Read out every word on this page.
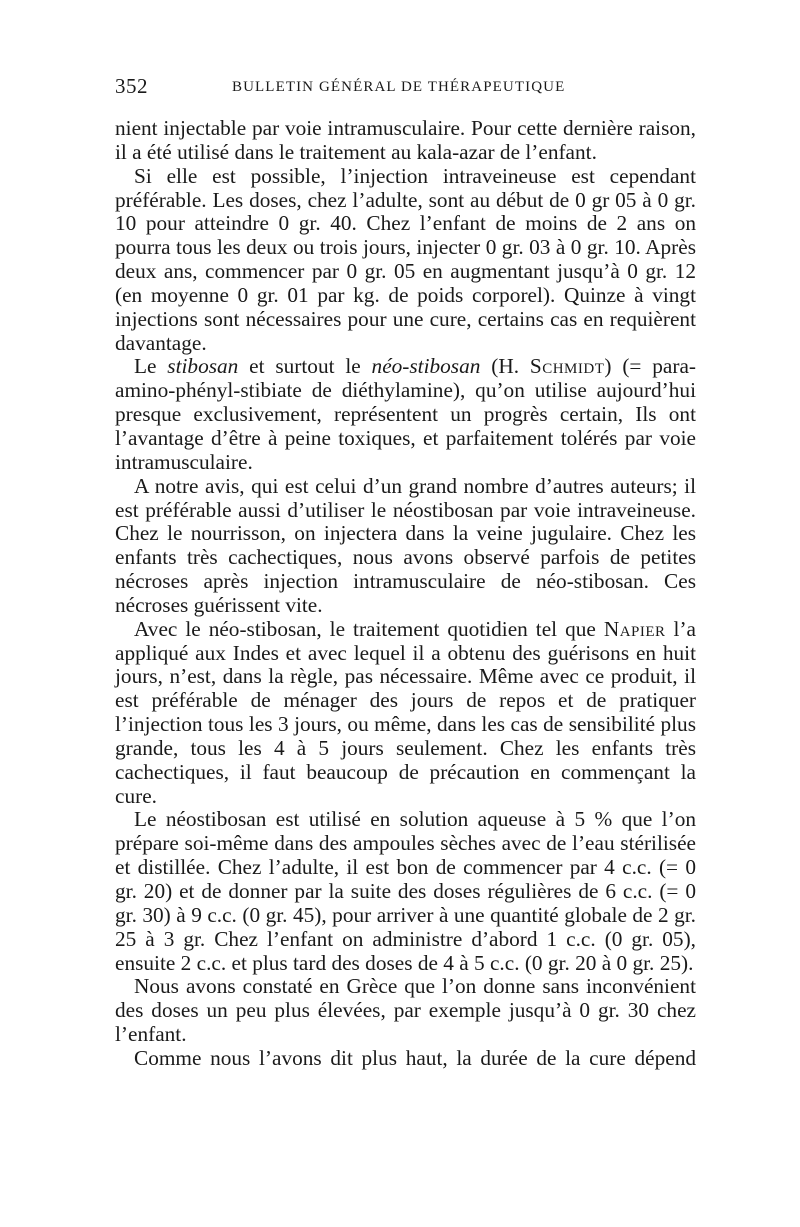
352	BULLETIN GÉNÉRAL DE THÉRAPEUTIQUE

nient injectable par voie intramusculaire. Pour cette dernière raison, il a été utilisé dans le traitement au kala-azar de l’enfant.

Si elle est possible, l’injection intraveineuse est cependant préférable. Les doses, chez l’adulte, sont au début de 0 gr 05 à 0 gr. 10 pour atteindre 0 gr. 40. Chez l’enfant de moins de 2 ans on pourra tous les deux ou trois jours, injecter 0 gr. 03 à 0 gr. 10. Après deux ans, commencer par 0 gr. 05 en augmentant jusqu’à 0 gr. 12 (en moyenne 0 gr. 01 par kg. de poids corporel). Quinze à vingt injections sont nécessaires pour une cure, certains cas en requièrent davantage.

Le stibosan et surtout le néo-stibosan (H. Schmidt) (= para-amino-phényl-stibiate de diéthylamine), qu’on utilise aujourd’hui presque exclusivement, représentent un progrès certain, Ils ont l’avantage d’être à peine toxiques, et parfaitement tolérés par voie intramusculaire.

A notre avis, qui est celui d’un grand nombre d’autres auteurs; il est préférable aussi d’utiliser le néostibosan par voie intraveineuse. Chez le nourrisson, on injectera dans la veine jugulaire. Chez les enfants très cachectiques, nous avons observé parfois de petites nécroses après injection intramusculaire de néo-stibosan. Ces nécroses guérissent vite.

Avec le néo-stibosan, le traitement quotidien tel que Napier l’a appliqué aux Indes et avec lequel il a obtenu des guérisons en huit jours, n’est, dans la règle, pas nécessaire. Même avec ce produit, il est préférable de ménager des jours de repos et de pratiquer l’injection tous les 3 jours, ou même, dans les cas de sensibilité plus grande, tous les 4 à 5 jours seulement. Chez les enfants très cachectiques, il faut beaucoup de précaution en commençant la cure.

Le néostibosan est utilisé en solution aqueuse à 5 % que l’on prépare soi-même dans des ampoules sèches avec de l’eau stérilisée et distillée. Chez l’adulte, il est bon de commencer par 4 c.c. (= 0 gr. 20) et de donner par la suite des doses régulières de 6 c.c. (= 0 gr. 30) à 9 c.c. (0 gr. 45), pour arriver à une quantité globale de 2 gr. 25 à 3 gr. Chez l’enfant on administre d’abord 1 c.c. (0 gr. 05), ensuite 2 c.c. et plus tard des doses de 4 à 5 c.c. (0 gr. 20 à 0 gr. 25).

Nous avons constaté en Grèce que l’on donne sans inconvénient des doses un peu plus élevées, par exemple jusqu’à 0 gr. 30 chez l’enfant.

Comme nous l’avons dit plus haut, la durée de la cure dépend
